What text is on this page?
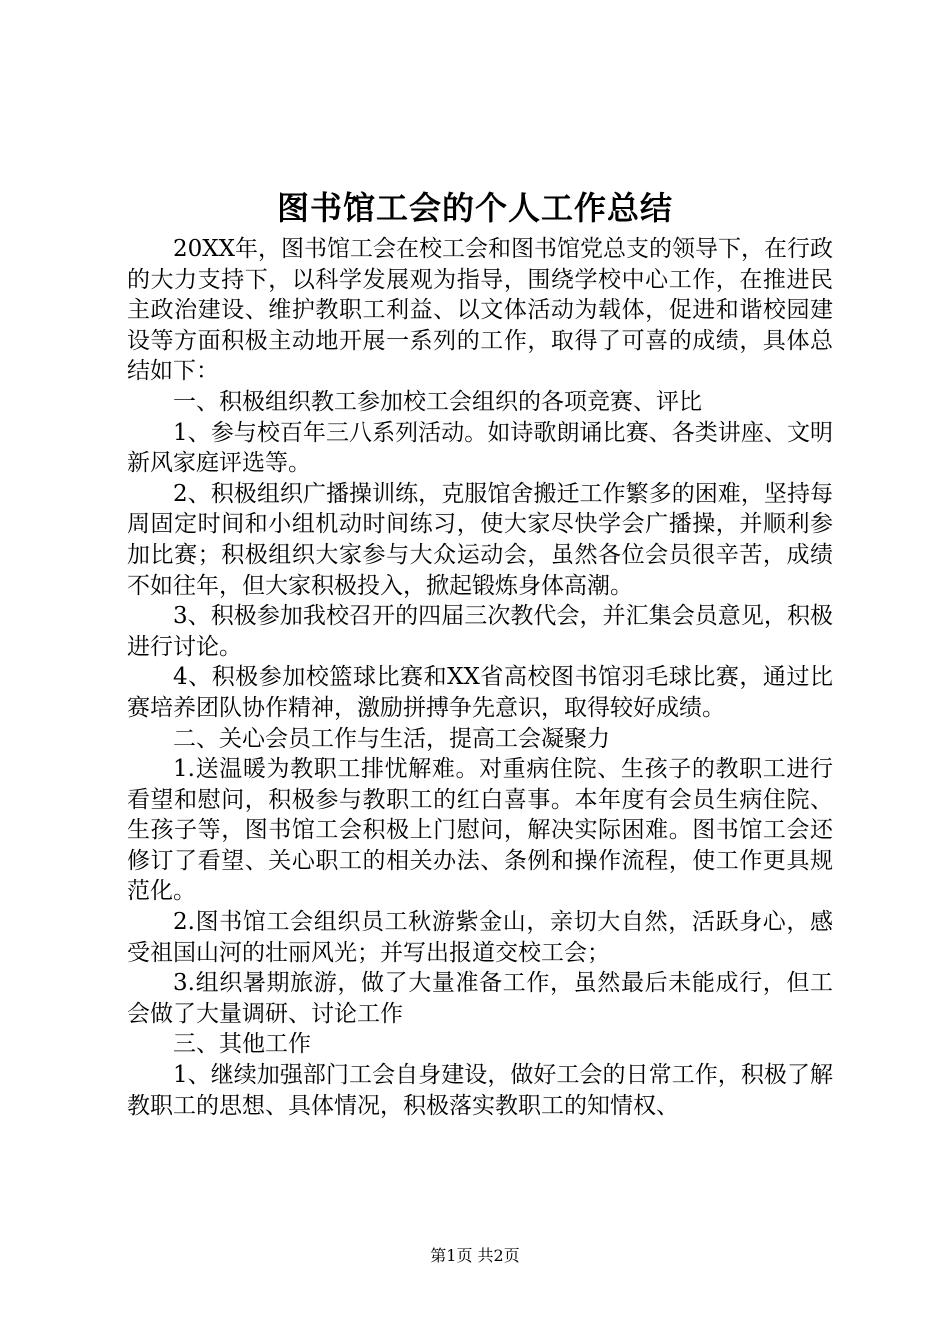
图书馆工会的个人工作总结

20XX年，图书馆工会在校工会和图书馆党总支的领导下，在行政的大力支持下，以科学发展观为指导，围绕学校中心工作，在推进民主政治建设、维护教职工利益、以文体活动为载体，促进和谐校园建设等方面积极主动地开展一系列的工作，取得了可喜的成绩，具体总结如下：

一、积极组织教工参加校工会组织的各项竞赛、评比

1、参与校百年三八系列活动。如诗歌朗诵比赛、各类讲座、文明新风家庭评选等。

2、积极组织广播操训练，克服馆舍搬迁工作繁多的困难，坚持每周固定时间和小组机动时间练习，使大家尽快学会广播操，并顺利参加比赛；积极组织大家参与大众运动会，虽然各位会员很辛苦，成绩不如往年，但大家积极投入，掀起锻炼身体高潮。

3、积极参加我校召开的四届三次教代会，并汇集会员意见，积极进行讨论。

4、积极参加校篮球比赛和XX省高校图书馆羽毛球比赛，通过比赛培养团队协作精神，激励拼搏争先意识，取得较好成绩。

二、关心会员工作与生活，提高工会凝聚力

1.送温暖为教职工排忧解难。对重病住院、生孩子的教职工进行看望和慰问，积极参与教职工的红白喜事。本年度有会员生病住院、生孩子等，图书馆工会积极上门慰问，解决实际困难。图书馆工会还修订了看望、关心职工的相关办法、条例和操作流程，使工作更具规范化。

2.图书馆工会组织员工秋游紫金山，亲切大自然，活跃身心，感受祖国山河的壮丽风光；并写出报道交校工会；

3.组织暑期旅游，做了大量准备工作，虽然最后未能成行，但工会做了大量调研、讨论工作

三、其他工作

1、继续加强部门工会自身建设，做好工会的日常工作，积极了解教职工的思想、具体情况，积极落实教职工的知情权、

第1页 共2页
